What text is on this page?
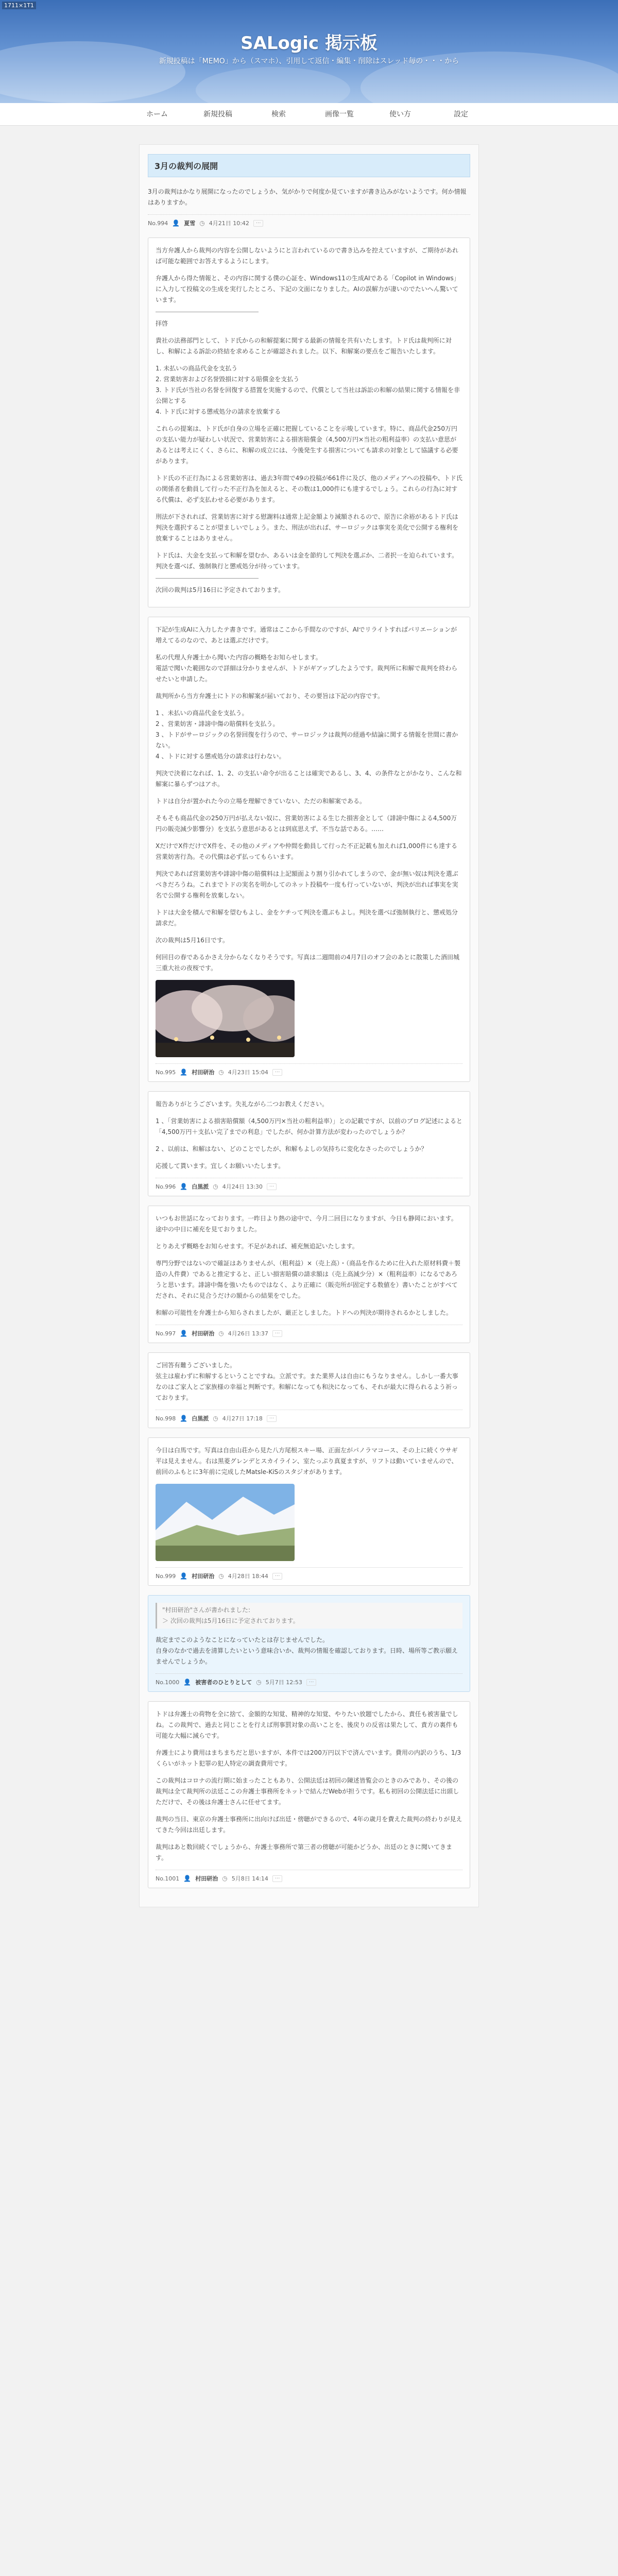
1711×1T1
SALogic 掲示板
新規投稿は「MEMO」から（スマホ）、引用して返信・編集・削除はスレッド毎の・・・から
ホーム	新規投稿	検索	画像一覧	使い方	設定
3月の裁判の展開

3月の裁判はかなり展開になったのでしょうか、気がかりで何度か見ていますが書き込みがないようです。何か情報はありますか。

No.994 👤 夏雪 ◷ 4月21日 10:42	···

当方弁護人から裁判の内容を公開しないようにと言われているので書き込みを控えていますが、ご期待があれば可能な範囲でお答えするようにします。

弁護人から得た情報と、その内容に関する僕の心証を、Windows11の生成AIである「Copilot in Windows」に入力して投稿文の生成を実行したところ、下記の文面になりました。AIの誤解力が凄いのでたいへん驚いています。

拝啓

貴社の法務部門として、トド氏からの和解提案に関する最新の情報を共有いたします。トド氏は裁判所に対し、和解による訴訟の終結を求めることが確認されました。以下、和解案の要点をご報告いたします。

1. 未払いの商品代金を支払う
2. 営業妨害および名誉毀損に対する賠償金を支払う
3. トド氏が当社の名誉を回復する措置を実施するので、代償として当社は訴訟の和解の結果に関する情報を非公開とする
4. トド氏に対する懲戒処分の請求を放棄する

これらの提案は、トド氏が自身の立場を正確に把握していることを示唆しています。特に、商品代金250万円の支払い能力が疑わしい状況で、営業妨害による損害賠償金（4,500万円×当社の粗利益率）の支払い意思があるとは考えにくく、さらに、和解の成立には、今後発生する損害についても請求の対象として協議する必要があります。

トド氏の不正行為による営業妨害は、過去3年間で49の投稿が661件に及び、他のメディアへの投稿や、トド氏の関係者を動員して行った不正行為を加えると、その数は1,000件にも達するでしょう。これらの行為に対する代償は、必ず支払わせる必要があります。

刑法が下されれば、営業妨害に対する慰謝料は通常上記金額より減額されるので、原告に余裕があるトド氏は判決を選択することが望ましいでしょう。また、刑法が出れば、サーロジックは事実を美化で公開する権利を放棄することはありません。

トド氏は、大金を支払って和解を望むか、あるいは金を節約して判決を選ぶか、二者択一を迫られています。判決を選べば、強制執行と懲戒処分が待っています。

次回の裁判は5月16日に予定されております。

下記が生成AIに入力したテ書きです。通常はここから手間なのですが、AIでリライトすればバリエーションが増えてるのなので、あとは選ぶだけです。

私の代理人弁護士から聞いた内容の概略をお知らせします。
電話で聞いた範囲なので詳細は分かりませんが、トドがギアップしたようです。裁判所に和解で裁判を終わらせたいと申請した。

裁判所から当方弁護士にトドの和解案が届いており、その要旨は下記の内容です。

1 、未払いの商品代金を支払う。
2 、営業妨害・誹謗中傷の賠償料を支払う。
3 、トドがサーロジックの名誉回復を行うので、サーロジックは裁判の経過や結論に関する情報を世間に書かない。
4 、トドに対する懲戒処分の請求は行わない。

判決で決着になれば、1、2、の支払い命令が出ることは確実であるし、3、4、の条件なとがかなり、こんな和解案に暴らずつはアホ。

トドは自分が置かれた今の立場を理解できていない、ただの和解案である。

そもそも商品代金の250万円が払えない奴に、営業妨害による生じた損害金として（誹謗中傷による4,500万円の販売減少影響分）を支払う意思があるとは到底思えず、不当な話である。……

XだけでX件だけでX件を、その他のメディアや仲間を動員して行った不正記載も加えれば1,000件にも達する営業妨害行為。その代償は必ず払ってもらいます。

判決であれば営業妨害や誹謗中傷の賠償料は上記額面より割り引かれてしまうので、金が無い奴は判決を選ぶべきだろうね。これまでトドの実名を明かしてのネット投稿や一度も行っていないが、判決が出れば事実を実名で公開する権利を放棄しない。

トドは大金を積んで和解を望むもよし、金をケチって判決を選ぶもよし。判決を選べば強制執行と、懲戒処分請求だ。

次の裁判は5月16日です。

何回目の春であるかさえ分からなくなりそうです。写真は二週間前の4月7日のオフ会のあとに散策した酒田城三重大社の夜桜です。

No.995 👤 村田研治 ◷ 4月23日 15:04	···

報告ありがとうございます。失礼ながら二つお教えください。

1 、「営業妨害による損害賠償額（4,500万円×当社の粗利益率）」との記載ですが、以前のブログ記述によると「4,500万円＋支払い完了までの利息」でしたが、何か計算方法が変わったのでしょうか？

2 、以前は、和解はない、どのことでしたが、和解もよしの気持ちに変化なさったのでしょうか？

応援して貰います。宜しくお願いいたします。

No.996 👤 白黒派 ◷ 4月24日 13:30	···

いつもお世話になっております。一昨日より熱の途中で、今月二回目になりますが、今日も静岡においます。途中の中日に補充を見ておりました。

とりあえず概略をお知らせます。不足があれば、補充無追記いたします。

専門分野ではないので確証はありませんが、（粗利益）×（売上高）・（商品を作るために仕入れた原材料費＋製造の人件費）であると推定すると、正しい損害賠償の請求額は（売上高減少分）×（粗利益率）になるであろうと思います。誹謗中傷を強いたものではなく、より正確に（販売所が固定する数値を）書いたことがすべてだされ、それに見合うだけの額からの結果をでした。

和解の可能性を弁護士から知らされましたが、厳正としました。トドへの判決が期待されるかとしました。

No.997 👤 村田研治 ◷ 4月26日 13:37	···

ご回答有難うございました。
弦主は雇わずに和解するということですね。立派です。また業界人は自由にもうなりません。しかし一番大事なのはご家人とご家族様の幸福と判断です。和解になっても和決になっても、それが最大に得られるよう祈っております。

No.998 👤 白黒派 ◷ 4月27日 17:18	···

今日は白馬です。写真は自由山荘から見た八方尾根スキー場、正面左がパノラマコース、その上に続くウサギ平は見えません。右は黒菱グレンデとスカイライン、室たっぷり真夏ますが、リフトは動いていませんので、前回のふもとに3年前に完成したMatsle-KiSのスタジオがあります。

No.999 👤 村田研治 ◷ 4月28日 18:44	···
"村田研治"さんが書かれました:
＞ 次回の裁判は5月16日に予定されております。

裁定までこのようなことになっていたとは存じませんでした。
自身のなかで過去を清算したいという意味合いか、裁判の情報を確認しております。日時、場所等ご教示願えませんでしょうか。

No.1000 👤 被害者のひとりとして ◷ 5月7日 12:53	···

トドは弁護士の荷物を全に捨て、金額的な知覚、精神的な知覚、やりたい放題でしたから、責任も被害量でしね。この裁判で、過去と同じことを行えば刑事罰対象の高いことを、後戻りの反省は果たして、責方の裏件も可能な大幅に減らです。

弁護士により費用はまちまちだと思いますが、本件では200万円以下で済んでいます。費用の内訳のうち、1/3くらいがネット犯罪の犯人特定の調査費用です。

この裁判はコロナの流行期に始まったこともあり、公開法廷は初回の陳述皆覧会のときのみであり、その後の裁判は全て裁判所の法廷ここの弁護士事務所をネットで結んだWebが担うです。私も初回の公開法廷に出頭しただけで、その後は弁護士さんに任せてます。

裁判の当日、東京の弁護士事務所に出向けば出廷・傍聴ができるので、4年の歳月を費えた裁判の終わりが見えてきた今回は出廷します。

裁判はあと数回続くでしょうから、弁護士事務所で第三者の傍聴が可能かどうか、出廷のときに聞いてきます。

No.1001 👤 村田研治 ◷ 5月8日 14:14	···
